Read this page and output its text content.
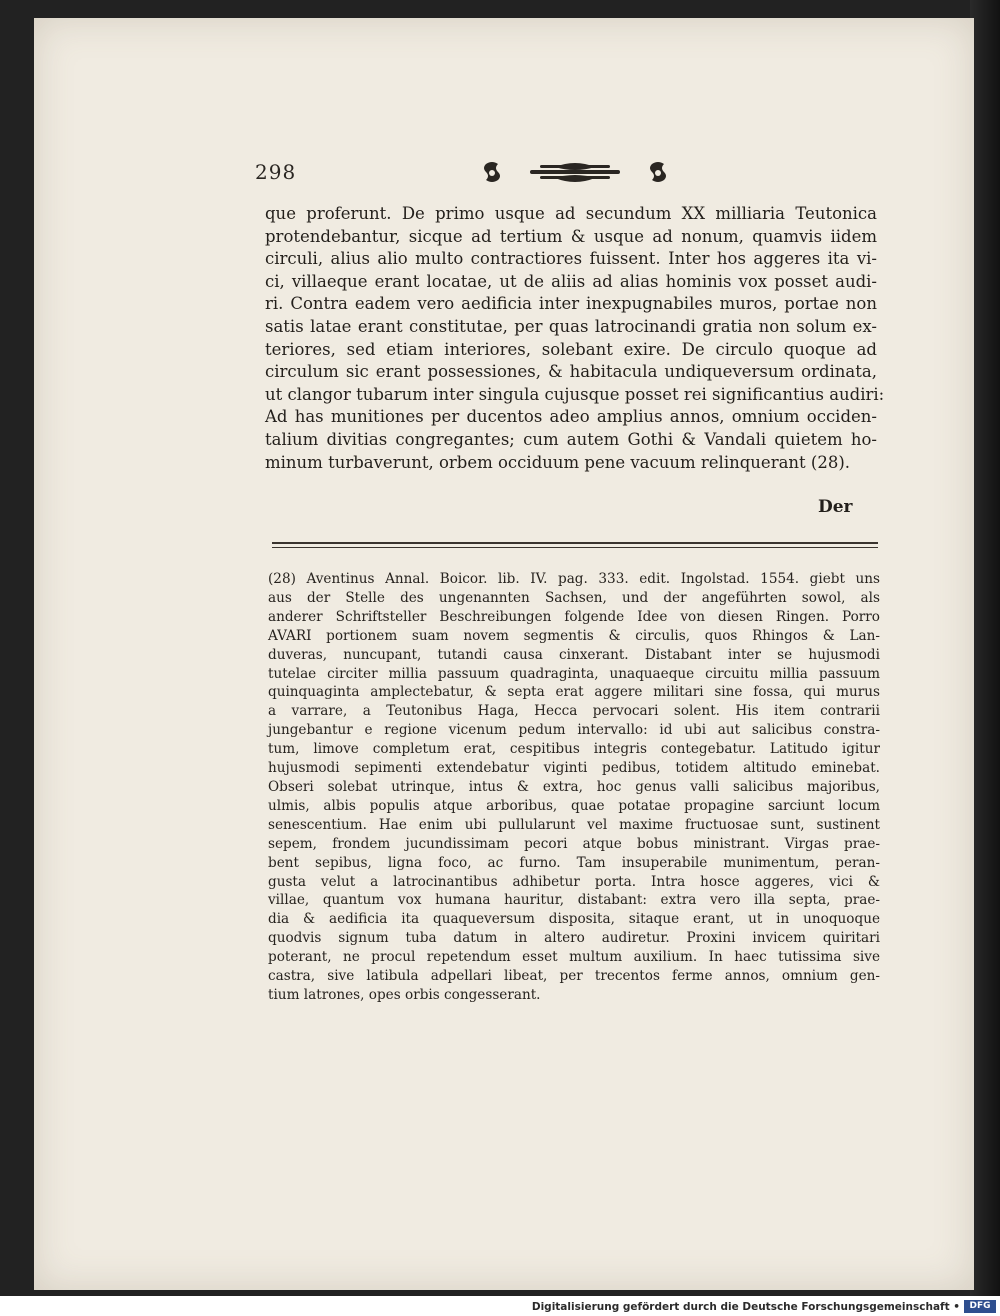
298
que proferunt. De primo usque ad secundum XX milliaria Teutonica
protendebantur, sicque ad tertium & usque ad nonum, quamvis iidem
circuli, alius alio multo contractiores fuissent. Inter hos aggeres ita vi-
ci, villaeque erant locatae, ut de aliis ad alias hominis vox posset audi-
ri. Contra eadem vero aedificia inter inexpugnabiles muros, portae non
satis latae erant constitutae, per quas latrocinandi gratia non solum ex-
teriores, sed etiam interiores, solebant exire. De circulo quoque ad
circulum sic erant possessiones, & habitacula undiqueversum ordinata,
ut clangor tubarum inter singula cujusque posset rei significantius audiri:
Ad has munitiones per ducentos adeo amplius annos, omnium occiden-
talium divitias congregantes; cum autem Gothi & Vandali quietem ho-
minum turbaverunt, orbem occiduum pene vacuum relinquerant (28).
Der
(28) Aventinus Annal. Boicor. lib. IV. pag. 333. edit. Ingolstad. 1554. giebt uns
aus der Stelle des ungenannten Sachsen, und der angeführten sowol, als
anderer Schriftsteller Beschreibungen folgende Idee von diesen Ringen. Porro
AVARI portionem suam novem segmentis & circulis, quos Rhingos & Lan-
duveras, nuncupant, tutandi causa cinxerant. Distabant inter se hujusmodi
tutelae circiter millia passuum quadraginta, unaquaeque circuitu millia passuum
quinquaginta amplectebatur, & septa erat aggere militari sine fossa, qui murus
a varrare, a Teutonibus Haga, Hecca pervocari solent. His item contrarii
jungebantur e regione vicenum pedum intervallo: id ubi aut salicibus constra-
tum, limove completum erat, cespitibus integris contegebatur. Latitudo igitur
hujusmodi sepimenti extendebatur viginti pedibus, totidem altitudo eminebat.
Obseri solebat utrinque, intus & extra, hoc genus valli salicibus majoribus,
ulmis, albis populis atque arboribus, quae potatae propagine sarciunt locum
senescentium. Hae enim ubi pullularunt vel maxime fructuosae sunt, sustinent
sepem, frondem jucundissimam pecori atque bobus ministrant. Virgas prae-
bent sepibus, ligna foco, ac furno. Tam insuperabile munimentum, peran-
gusta velut a latrocinantibus adhibetur porta. Intra hosce aggeres, vici &
villae, quantum vox humana hauritur, distabant: extra vero illa septa, prae-
dia & aedificia ita quaqueversum disposita, sitaque erant, ut in unoquoque
quodvis signum tuba datum in altero audiretur. Proxini invicem quiritari
poterant, ne procul repetendum esset multum auxilium. In haec tutissima sive
castra, sive latibula adpellari libeat, per trecentos ferme annos, omnium gen-
tium latrones, opes orbis congesserant.
Digitalisierung gefördert durch die Deutsche Forschungsgemeinschaft •	DFG
